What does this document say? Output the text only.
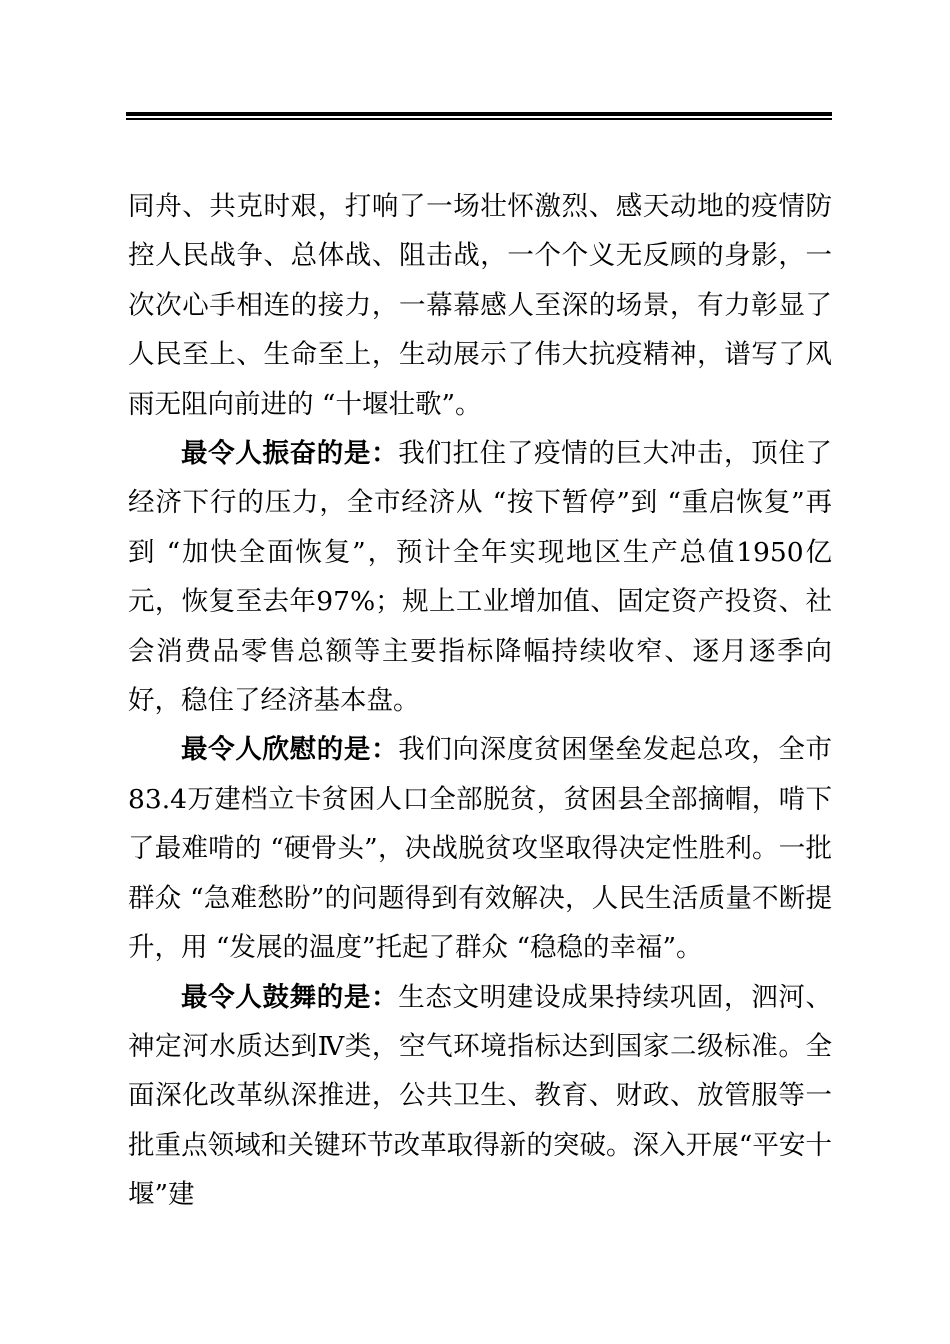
同舟、共克时艰，打响了一场壮怀激烈、感天动地的疫情防控人民战争、总体战、阻击战，一个个义无反顾的身影，一次次心手相连的接力，一幕幕感人至深的场景，有力彰显了人民至上、生命至上，生动展示了伟大抗疫精神，谱写了风雨无阻向前进的 “十堰壮歌”。

最令人振奋的是：我们扛住了疫情的巨大冲击，顶住了经济下行的压力，全市经济从 “按下暂停”到 “重启恢复”再到 “加快全面恢复”，预计全年实现地区生产总值1950亿元，恢复至去年97%；规上工业增加值、固定资产投资、社会消费品零售总额等主要指标降幅持续收窄、逐月逐季向好，稳住了经济基本盘。

最令人欣慰的是：我们向深度贫困堡垒发起总攻，全市83.4万建档立卡贫困人口全部脱贫，贫困县全部摘帽，啃下了最难啃的 “硬骨头”，决战脱贫攻坚取得决定性胜利。一批群众 “急难愁盼”的问题得到有效解决，人民生活质量不断提升，用 “发展的温度”托起了群众 “稳稳的幸福”。

最令人鼓舞的是：生态文明建设成果持续巩固，泗河、神定河水质达到Ⅳ类，空气环境指标达到国家二级标准。全面深化改革纵深推进，公共卫生、教育、财政、放管服等一批重点领域和关键环节改革取得新的突破。深入开展“平安十堰”建
